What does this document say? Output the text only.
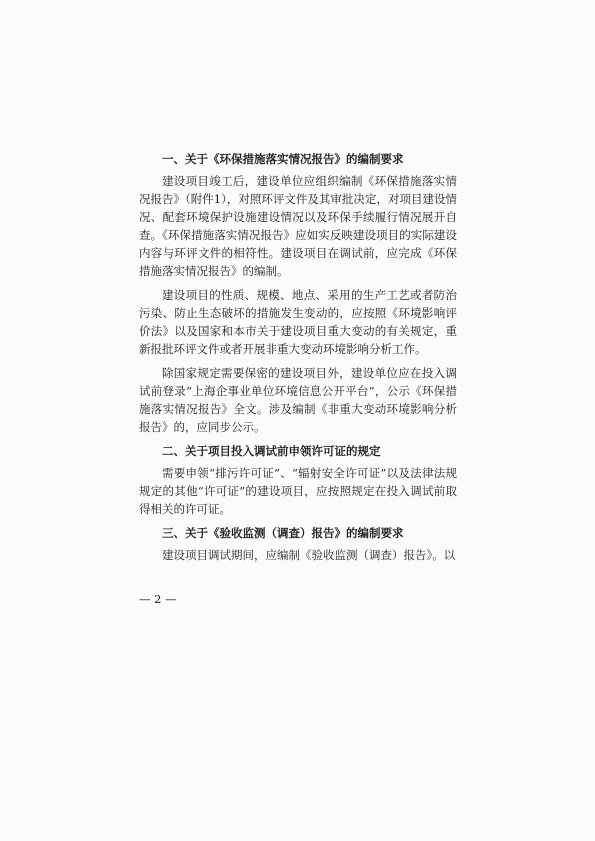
一、关于《环保措施落实情况报告》的编制要求
建设项目竣工后，建设单位应组织编制《环保措施落实情况报告》（附件1），对照环评文件及其审批决定，对项目建设情况、配套环境保护设施建设情况以及环保手续履行情况展开自查。《环保措施落实情况报告》应如实反映建设项目的实际建设内容与环评文件的相符性。建设项目在调试前，应完成《环保措施落实情况报告》的编制。
建设项目的性质、规模、地点、采用的生产工艺或者防治污染、防止生态破坏的措施发生变动的，应按照《环境影响评价法》以及国家和本市关于建设项目重大变动的有关规定，重新报批环评文件或者开展非重大变动环境影响分析工作。
除国家规定需要保密的建设项目外，建设单位应在投入调试前登录“上海企事业单位环境信息公开平台”，公示《环保措施落实情况报告》全文。涉及编制《非重大变动环境影响分析报告》的，应同步公示。
二、关于项目投入调试前申领许可证的规定
需要申领“排污许可证”、“辐射安全许可证”以及法律法规规定的其他“许可证”的建设项目，应按照规定在投入调试前取得相关的许可证。
三、关于《验收监测（调查）报告》的编制要求
建设项目调试期间，应编制《验收监测（调查）报告》。以
— 2 —
